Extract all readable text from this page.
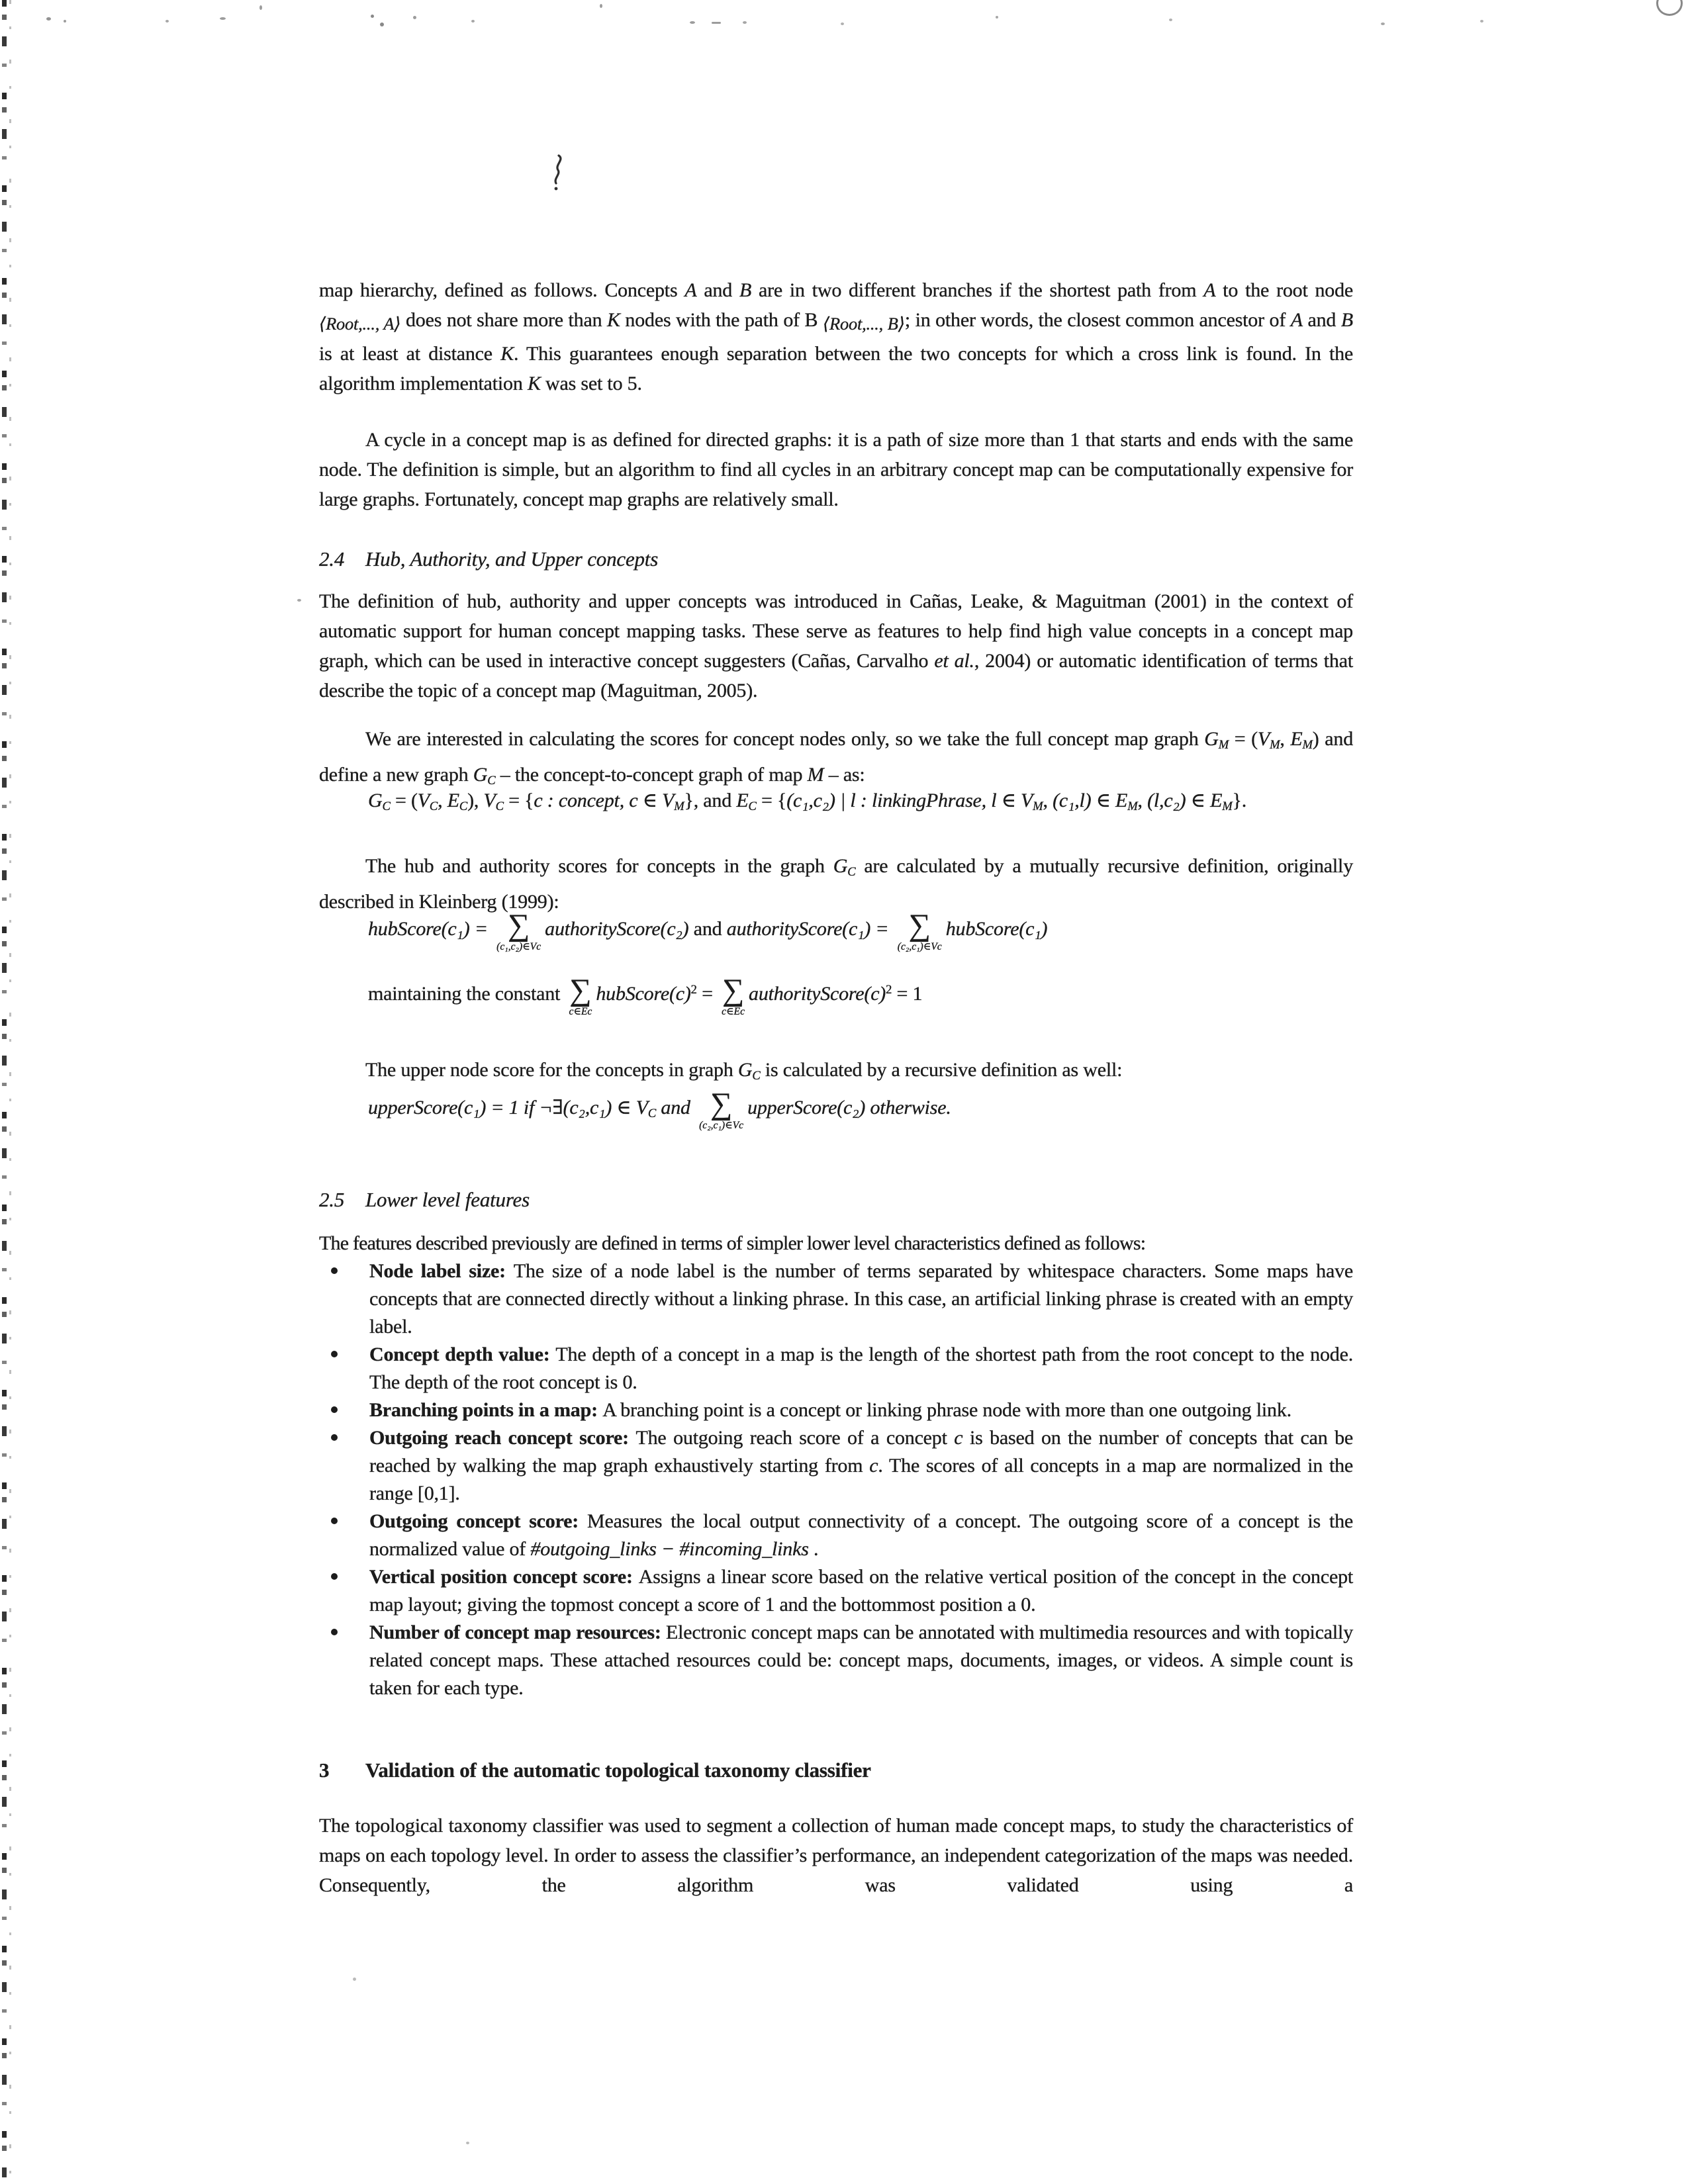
map hierarchy, defined as follows. Concepts A and B are in two different branches if the shortest path from A to the root node ⟨Root,..., A⟩ does not share more than K nodes with the path of B ⟨Root,..., B⟩; in other words, the closest common ancestor of A and B is at least at distance K. This guarantees enough separation between the two concepts for which a cross link is found. In the algorithm implementation K was set to 5.
A cycle in a concept map is as defined for directed graphs: it is a path of size more than 1 that starts and ends with the same node. The definition is simple, but an algorithm to find all cycles in an arbitrary concept map can be computationally expensive for large graphs. Fortunately, concept map graphs are relatively small.
2.4 Hub, Authority, and Upper concepts
The definition of hub, authority and upper concepts was introduced in Cañas, Leake, & Maguitman (2001) in the context of automatic support for human concept mapping tasks. These serve as features to help find high value concepts in a concept map graph, which can be used in interactive concept suggesters (Cañas, Carvalho et al., 2004) or automatic identification of terms that describe the topic of a concept map (Maguitman, 2005).
We are interested in calculating the scores for concept nodes only, so we take the full concept map graph $G_M = (V_M$, $E_M$) and define a new graph $G_C$ – the concept-to-concept graph of map M – as:
$G_C = (V_C$, $E_C$), $V_C = \{c$ : concept, c ∈ $V_M$}, and $E_C = \{(c_1,c_2)$ | l : linkingPhrase, l ∈ $V_M$, (c₁,l) ∈ $E_M$, (l,c₂) ∈ $E_M$}.
The hub and authority scores for concepts in the graph $G_C$ are calculated by a mutually recursive definition, originally described in Kleinberg (1999):
hubScore(c₁) = ∑
(c₁,c₂)∈Vc
authorityScore(c₂) and authorityScore(c₁) = ∑
(c₂,c₁)∈Vc
hubScore(c₁)
maintaining the constant ∑
c∈Ec
$hubScore(c)^2$ = ∑
c∈Ec
$authorityScore(c)^2 = 1$
The upper node score for the concepts in graph $G_C$ is calculated by a recursive definition as well:
upperScore(c₁) = 1 if ¬∃(c₂,c₁) ∈ $V_C$ and ∑
(c₂,c₁)∈Vc
upperScore(c₂) otherwise.
2.5 Lower level features
The features described previously are defined in terms of simpler lower level characteristics defined as follows:
Node label size: The size of a node label is the number of terms separated by whitespace characters. Some maps have concepts that are connected directly without a linking phrase. In this case, an artificial linking phrase is created with an empty label.
Concept depth value: The depth of a concept in a map is the length of the shortest path from the root concept to the node. The depth of the root concept is 0.
Branching points in a map: A branching point is a concept or linking phrase node with more than one outgoing link.
Outgoing reach concept score: The outgoing reach score of a concept c is based on the number of concepts that can be reached by walking the map graph exhaustively starting from c. The scores of all concepts in a map are normalized in the range [0,1].
Outgoing concept score: Measures the local output connectivity of a concept. The outgoing score of a concept is the normalized value of #outgoing_links − #incoming_links .
Vertical position concept score: Assigns a linear score based on the relative vertical position of the concept in the concept map layout; giving the topmost concept a score of 1 and the bottommost position a 0.
Number of concept map resources: Electronic concept maps can be annotated with multimedia resources and with topically related concept maps. These attached resources could be: concept maps, documents, images, or videos. A simple count is taken for each type.
3 Validation of the automatic topological taxonomy classifier
The topological taxonomy classifier was used to segment a collection of human made concept maps, to study the characteristics of maps on each topology level. In order to assess the classifier’s performance, an independent categorization of the maps was needed. Consequently, the algorithm was validated using a
